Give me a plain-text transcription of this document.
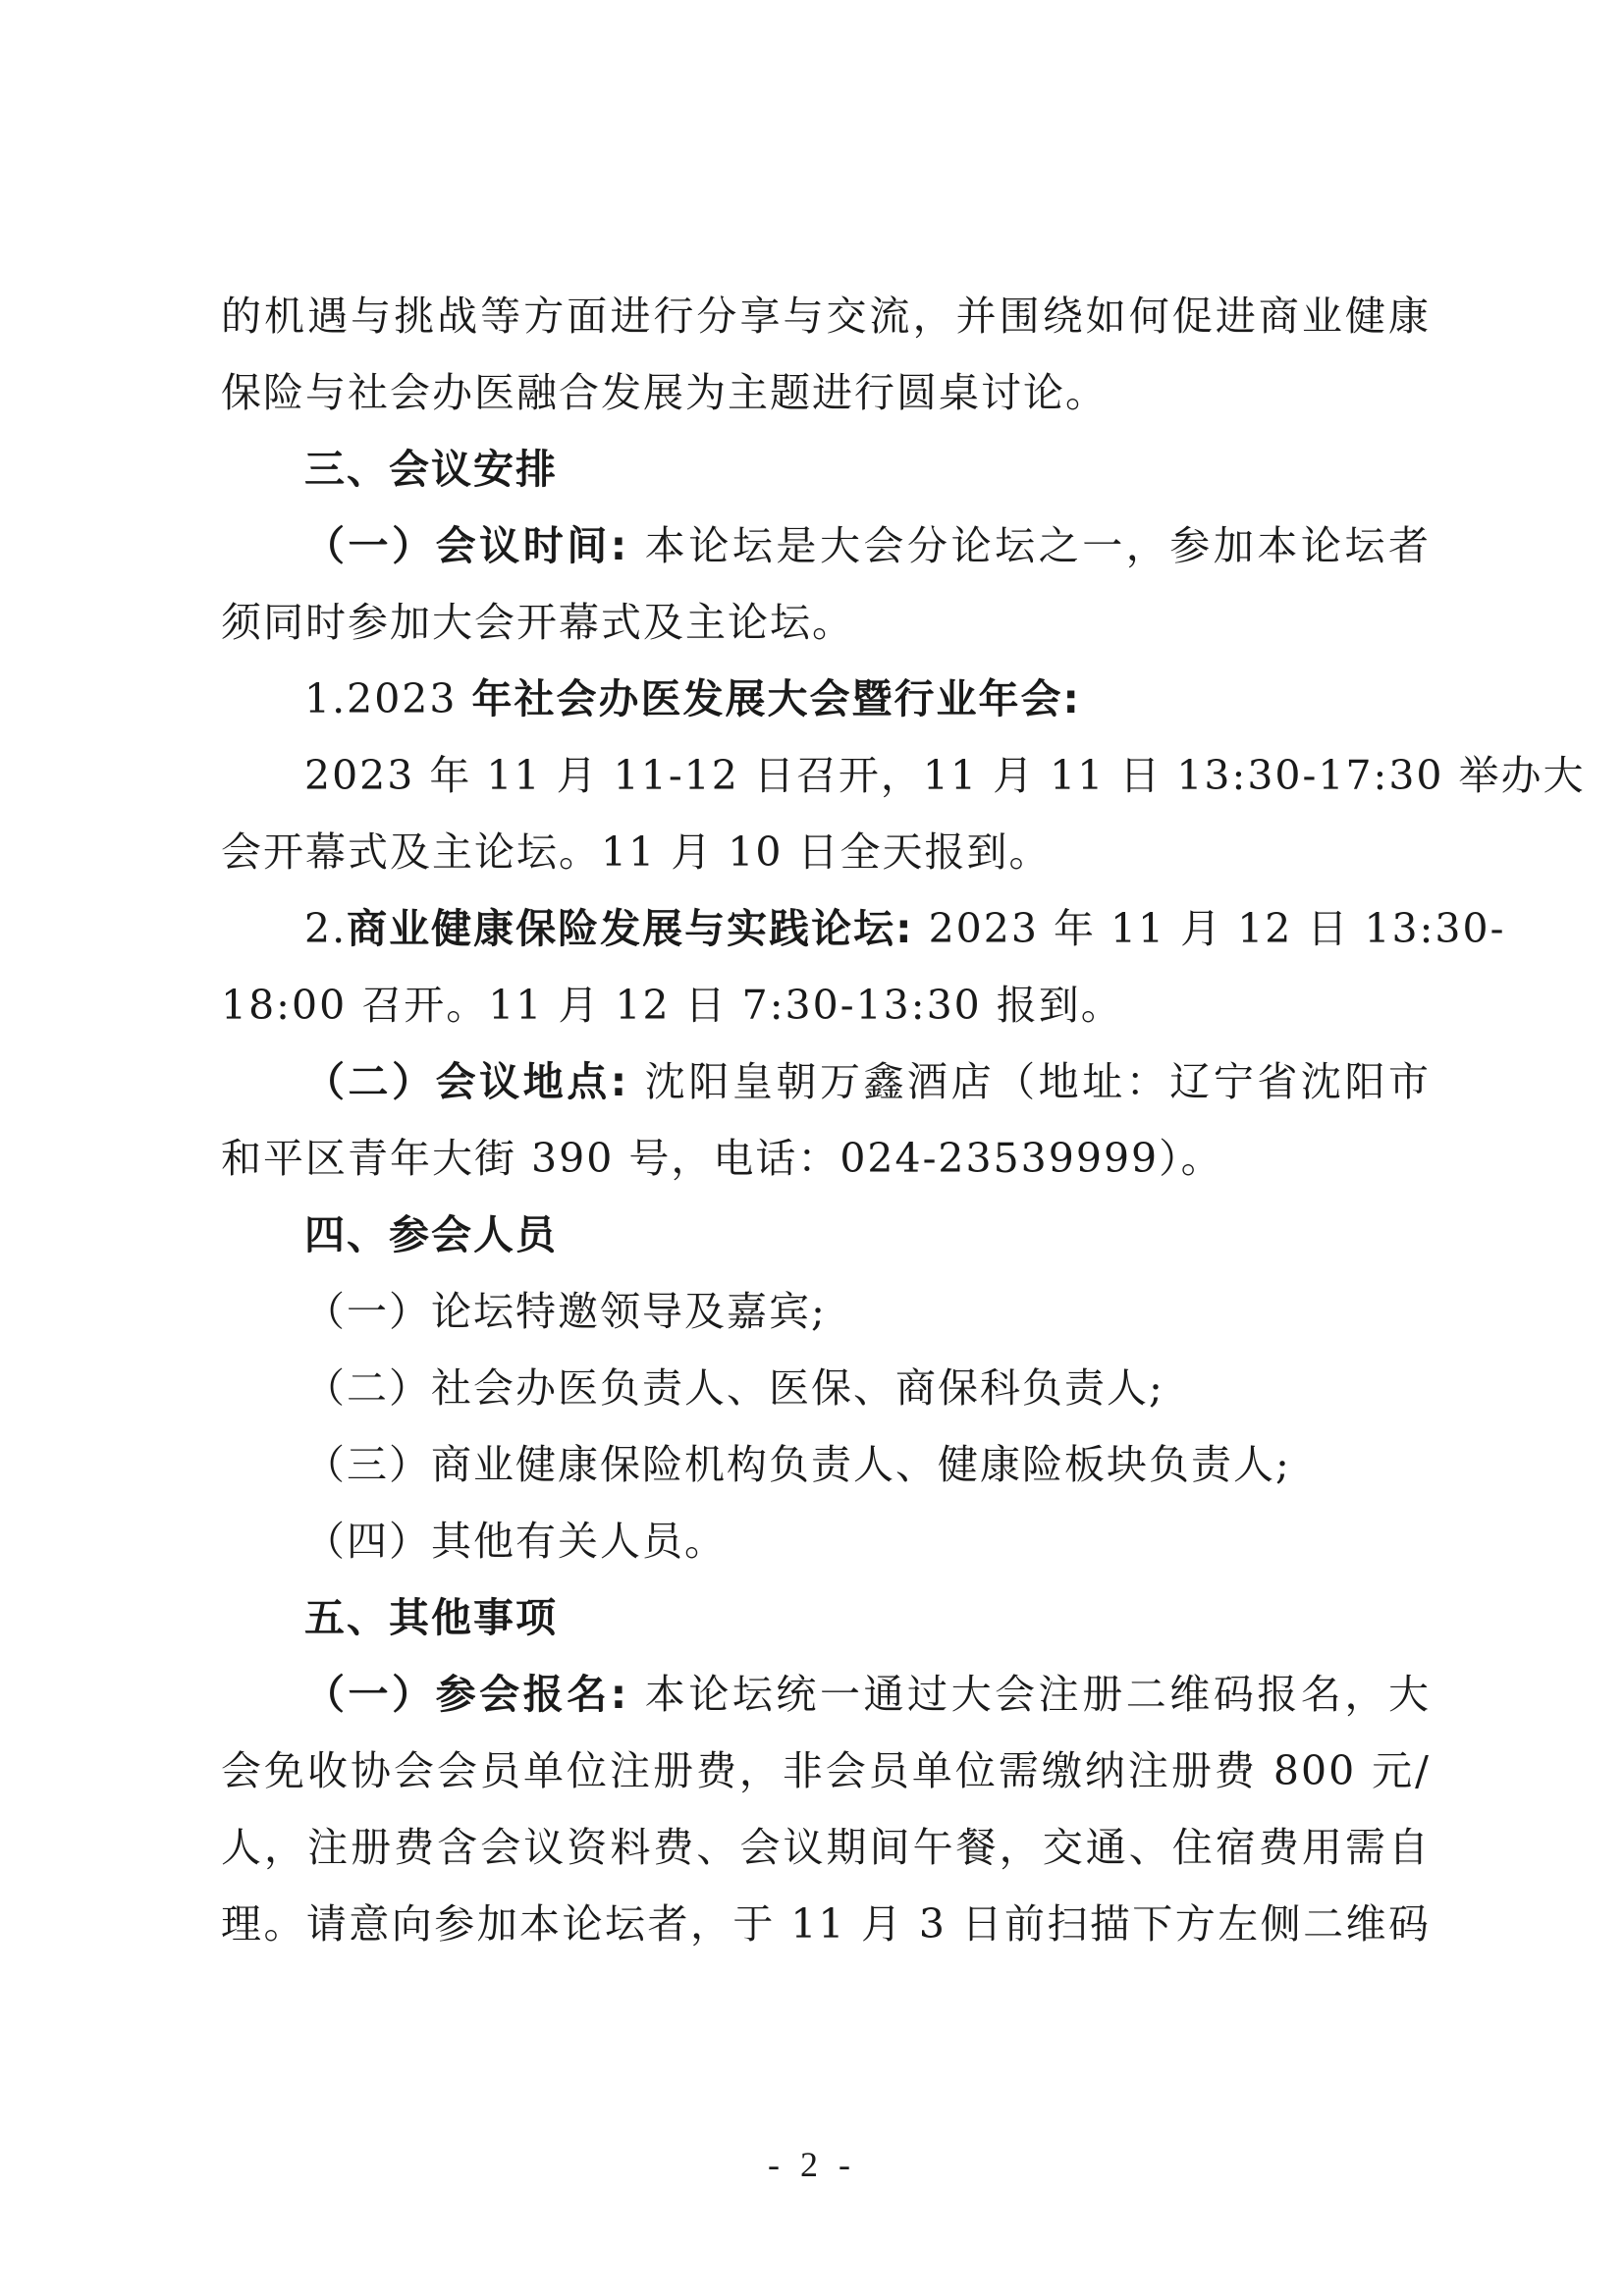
的机遇与挑战等方面进行分享与交流，并围绕如何促进商业健康
保险与社会办医融合发展为主题进行圆桌讨论。
三、会议安排
（一）会议时间: 本论坛是大会分论坛之一，参加本论坛者
须同时参加大会开幕式及主论坛。
1.2023 年社会办医发展大会暨行业年会:
2023 年 11 月 11-12 日召开，11 月 11 日 13:30-17:30 举办大
会开幕式及主论坛。11 月 10 日全天报到。
2.商业健康保险发展与实践论坛: 2023 年 11 月 12 日 13:30-
18:00 召开。11 月 12 日 7:30-13:30 报到。
（二）会议地点: 沈阳皇朝万鑫酒店（地址：辽宁省沈阳市
和平区青年大街 390 号，电话：024-23539999）。
四、参会人员
（一）论坛特邀领导及嘉宾;
（二）社会办医负责人、医保、商保科负责人;
（三）商业健康保险机构负责人、健康险板块负责人;
（四）其他有关人员。
五、其他事项
（一）参会报名: 本论坛统一通过大会注册二维码报名，大
会免收协会会员单位注册费，非会员单位需缴纳注册费 800 元/
人，注册费含会议资料费、会议期间午餐，交通、住宿费用需自
理。请意向参加本论坛者，于 11 月 3 日前扫描下方左侧二维码
- 2 -
